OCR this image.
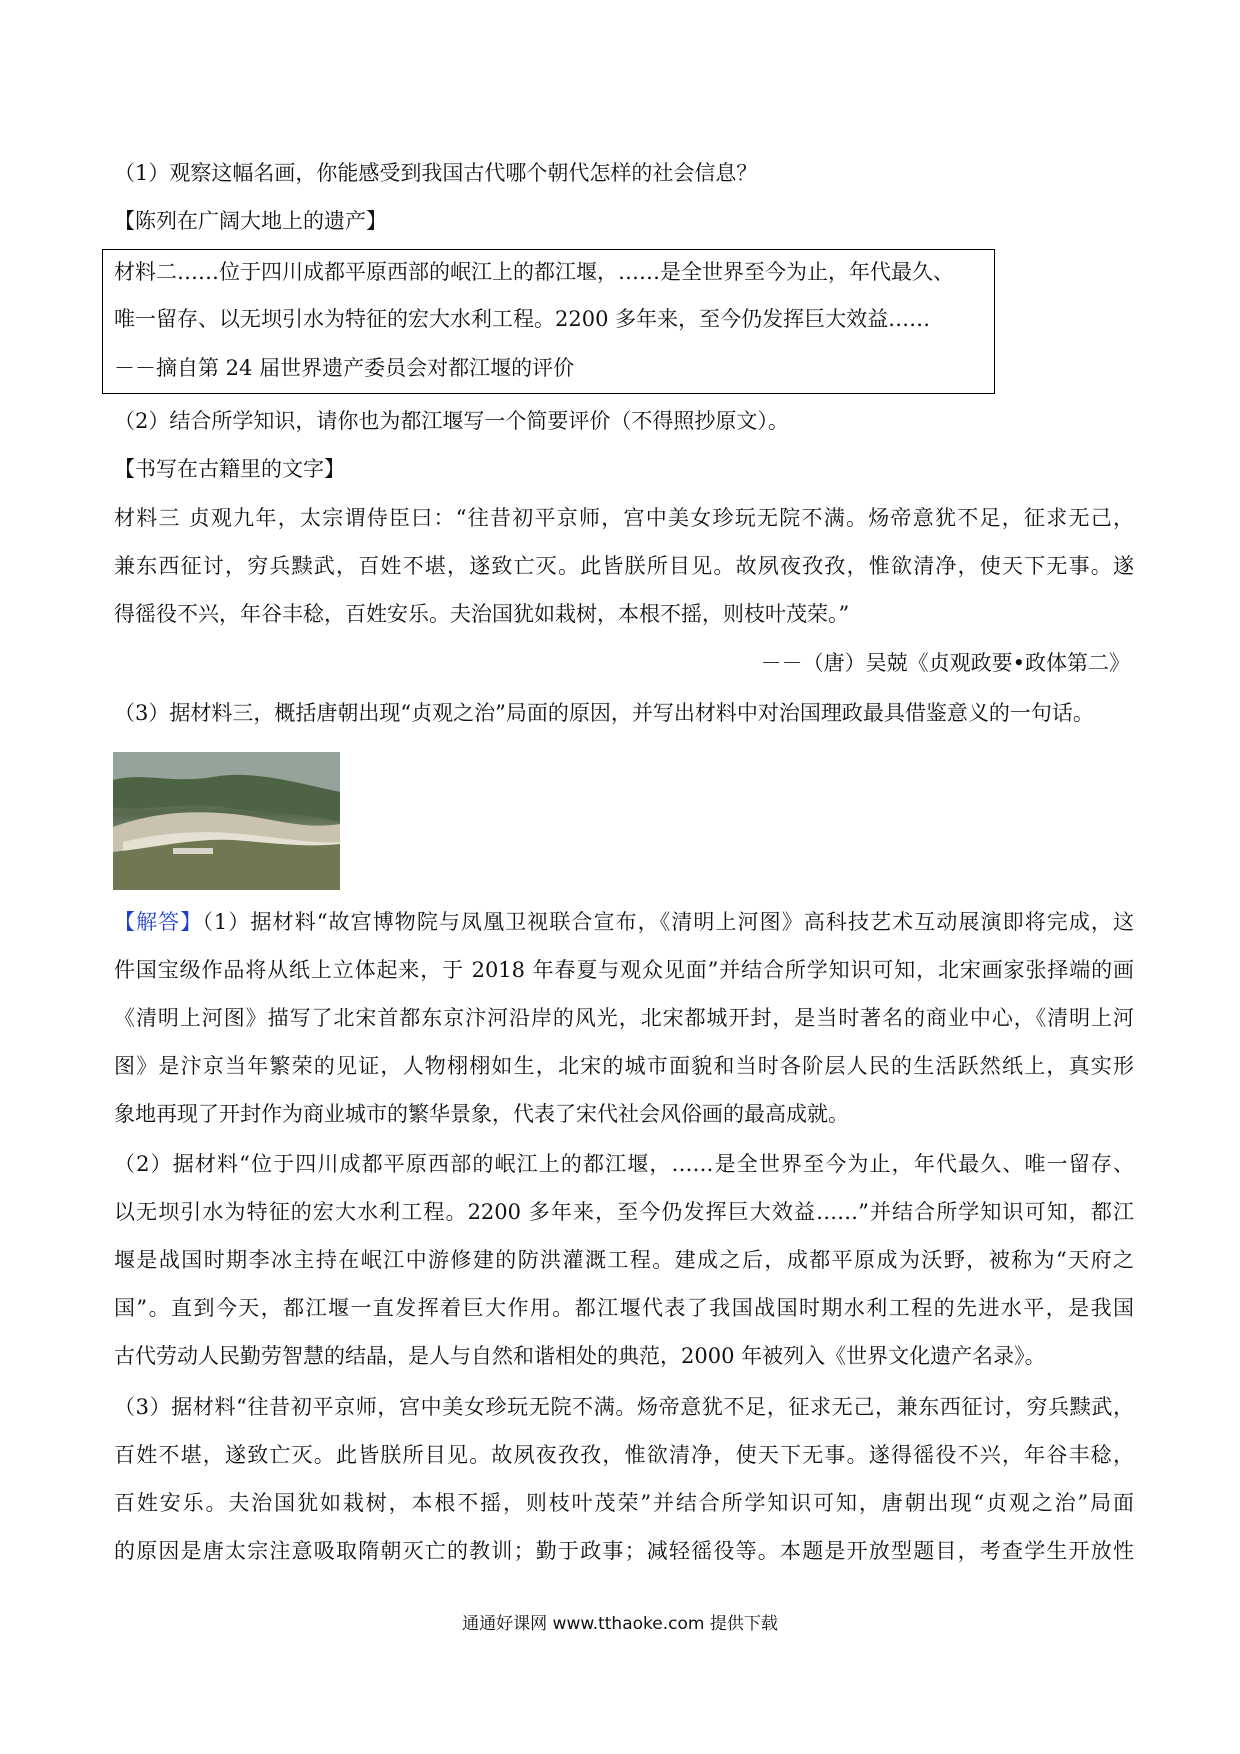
（1）观察这幅名画，你能感受到我国古代哪个朝代怎样的社会信息？
【陈列在广阔大地上的遗产】
材料二……位于四川成都平原西部的岷江上的都江堰，……是全世界至今为止，年代最久、
唯一留存、以无坝引水为特征的宏大水利工程。2200 多年来，至今仍发挥巨大效益……
－－摘自第 24 届世界遗产委员会对都江堰的评价
（2）结合所学知识，请你也为都江堰写一个简要评价（不得照抄原文）。
【书写在古籍里的文字】
材料三 贞观九年，太宗谓侍臣曰：“往昔初平京师，宫中美女珍玩无院不满。炀帝意犹不足，征求无己，
兼东西征讨，穷兵黩武，百姓不堪，遂致亡灭。此皆朕所目见。故夙夜孜孜，惟欲清净，使天下无事。遂
得徭役不兴，年谷丰稔，百姓安乐。夫治国犹如栽树，本根不摇，则枝叶茂荣。”
－－（唐）吴兢《贞观政要•政体第二》
（3）据材料三，概括唐朝出现“贞观之治”局面的原因，并写出材料中对治国理政最具借鉴意义的一句话。
【解答】（1）据材料“故宫博物院与凤凰卫视联合宣布，《清明上河图》高科技艺术互动展演即将完成，这
件国宝级作品将从纸上立体起来，于 2018 年春夏与观众见面”并结合所学知识可知，北宋画家张择端的画
《清明上河图》描写了北宋首都东京汴河沿岸的风光，北宋都城开封，是当时著名的商业中心，《清明上河
图》是汴京当年繁荣的见证，人物栩栩如生，北宋的城市面貌和当时各阶层人民的生活跃然纸上，真实形
象地再现了开封作为商业城市的繁华景象，代表了宋代社会风俗画的最高成就。
（2）据材料“位于四川成都平原西部的岷江上的都江堰，……是全世界至今为止，年代最久、唯一留存、
以无坝引水为特征的宏大水利工程。2200 多年来，至今仍发挥巨大效益……”并结合所学知识可知，都江
堰是战国时期李冰主持在岷江中游修建的防洪灌溉工程。建成之后，成都平原成为沃野，被称为“天府之
国”。直到今天，都江堰一直发挥着巨大作用。都江堰代表了我国战国时期水利工程的先进水平，是我国
古代劳动人民勤劳智慧的结晶，是人与自然和谐相处的典范，2000 年被列入《世界文化遗产名录》。
（3）据材料“往昔初平京师，宫中美女珍玩无院不满。炀帝意犹不足，征求无己，兼东西征讨，穷兵黩武，
百姓不堪，遂致亡灭。此皆朕所目见。故夙夜孜孜，惟欲清净，使天下无事。遂得徭役不兴，年谷丰稔，
百姓安乐。夫治国犹如栽树，本根不摇，则枝叶茂荣”并结合所学知识可知，唐朝出现“贞观之治”局面
的原因是唐太宗注意吸取隋朝灭亡的教训；勤于政事；减轻徭役等。本题是开放型题目，考查学生开放性
通通好课网 www.tthaoke.com 提供下载
